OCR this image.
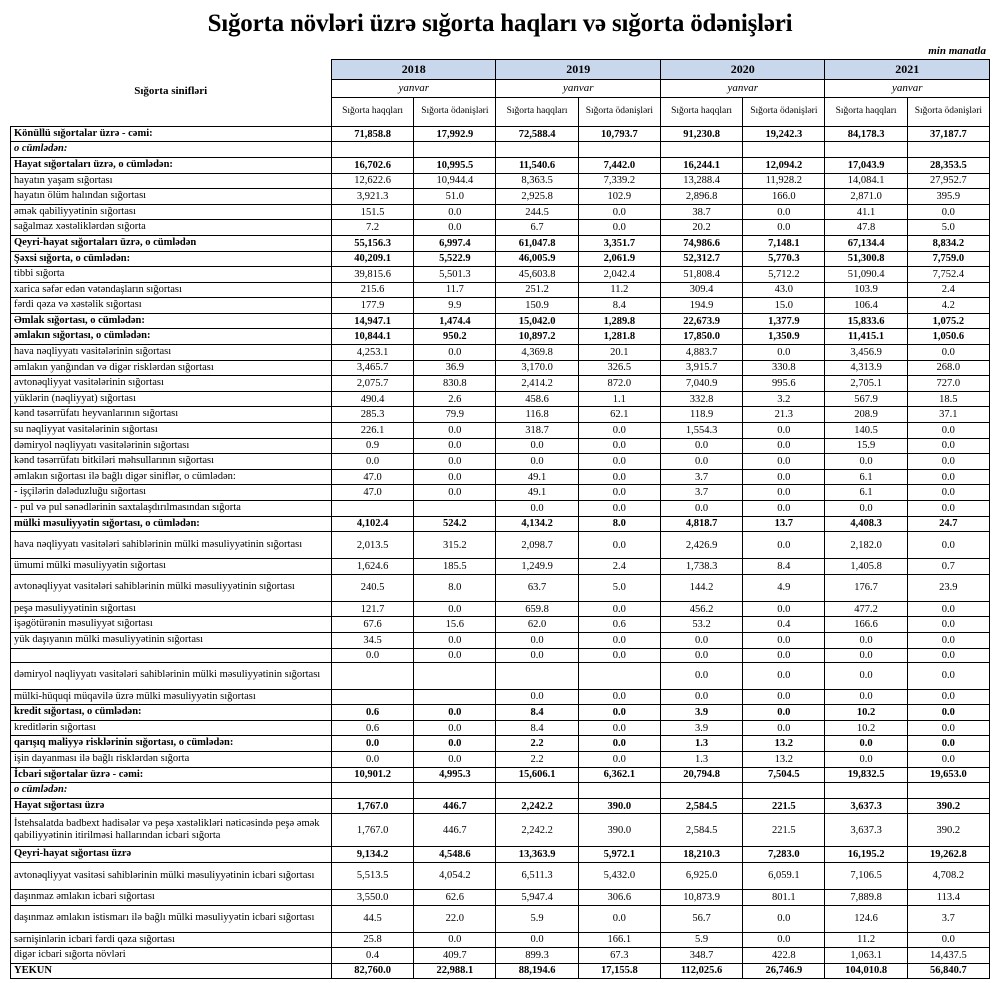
Sığorta növləri üzrə sığorta haqları və sığorta ödənişləri
min manatla
Sığorta sinifləri	2018		2019		2020		2021	
	yanvar		yanvar		yanvar		yanvar	
	Sığorta haqqları	Sığorta ödənişləri	Sığorta haqqları	Sığorta ödənişləri	Sığorta haqqları	Sığorta ödənişləri	Sığorta haqqları	Sığorta ödənişləri
Könüllü sığortalar üzrə - cəmi:	71,858.8	17,992.9	72,588.4	10,793.7	91,230.8	19,242.3	84,178.3	37,187.7
o cümlədən:								
Hayat sığortaları üzrə, o cümlədən:	16,702.6	10,995.5	11,540.6	7,442.0	16,244.1	12,094.2	17,043.9	28,353.5
hayatın yaşam sığortası	12,622.6	10,944.4	8,363.5	7,339.2	13,288.4	11,928.2	14,084.1	27,952.7
hayatın ölüm halından sığortası	3,921.3	51.0	2,925.8	102.9	2,896.8	166.0	2,871.0	395.9
əmək qabiliyyətinin sığortası	151.5	0.0	244.5	0.0	38.7	0.0	41.1	0.0
sağalmaz xəstəliklərdən sığorta	7.2	0.0	6.7	0.0	20.2	0.0	47.8	5.0
Qeyri-hayat sığortaları üzrə, o cümlədən	55,156.3	6,997.4	61,047.8	3,351.7	74,986.6	7,148.1	67,134.4	8,834.2
Şəxsi sığorta, o cümlədən:	40,209.1	5,522.9	46,005.9	2,061.9	52,312.7	5,770.3	51,300.8	7,759.0
tibbi sığorta	39,815.6	5,501.3	45,603.8	2,042.4	51,808.4	5,712.2	51,090.4	7,752.4
xarica səfər edən vətəndaşların sığortası	215.6	11.7	251.2	11.2	309.4	43.0	103.9	2.4
fərdi qəza və xəstəlik sığortası	177.9	9.9	150.9	8.4	194.9	15.0	106.4	4.2
Əmlak sığortası, o cümlədən:	14,947.1	1,474.4	15,042.0	1,289.8	22,673.9	1,377.9	15,833.6	1,075.2
əmlakın sığortası, o cümlədən:	10,844.1	950.2	10,897.2	1,281.8	17,850.0	1,350.9	11,415.1	1,050.6
hava nəqliyyatı vasitələrinin sığortası	4,253.1	0.0	4,369.8	20.1	4,883.7	0.0	3,456.9	0.0
əmlakın yanğından və digər risklərdən sığortası	3,465.7	36.9	3,170.0	326.5	3,915.7	330.8	4,313.9	268.0
avtonəqliyyat vasitələrinin sığortası	2,075.7	830.8	2,414.2	872.0	7,040.9	995.6	2,705.1	727.0
yüklərin (nəqliyyat) sığortası	490.4	2.6	458.6	1.1	332.8	3.2	567.9	18.5
kənd təsərrüfatı heyvanlarının sığortası	285.3	79.9	116.8	62.1	118.9	21.3	208.9	37.1
su nəqliyyat vasitələrinin sığortası	226.1	0.0	318.7	0.0	1,554.3	0.0	140.5	0.0
dəmiryol nəqliyyatı vasitələrinin sığortası	0.9	0.0	0.0	0.0	0.0	0.0	15.9	0.0
kənd təsərrüfatı bitkiləri məhsullarının sığortası	0.0	0.0	0.0	0.0	0.0	0.0	0.0	0.0
əmlakın sığortası ilə bağlı digər siniflər, o cümlədən:	47.0	0.0	49.1	0.0	3.7	0.0	6.1	0.0
- işçilərin dələduzluğu sığortası	47.0	0.0	49.1	0.0	3.7	0.0	6.1	0.0
- pul və pul sənədlərinin saxtalaşdırılmasından sığorta			0.0	0.0	0.0	0.0	0.0	0.0
mülki məsuliyyətin sığortası, o cümlədən:	4,102.4	524.2	4,134.2	8.0	4,818.7	13.7	4,408.3	24.7
hava nəqliyyatı vasitələri sahiblərinin mülki məsuliyyətinin sığortası	2,013.5	315.2	2,098.7	0.0	2,426.9	0.0	2,182.0	0.0
ümumi mülki məsuliyyətin sığortası	1,624.6	185.5	1,249.9	2.4	1,738.3	8.4	1,405.8	0.7
avtonəqliyyat vasitələri sahiblərinin mülki məsuliyyətinin sığortası	240.5	8.0	63.7	5.0	144.2	4.9	176.7	23.9
peşə məsuliyyətinin sığortası	121.7	0.0	659.8	0.0	456.2	0.0	477.2	0.0
işəgötürənin məsuliyyət sığortası	67.6	15.6	62.0	0.6	53.2	0.4	166.6	0.0
yük daşıyanın mülki məsuliyyətinin sığortası	34.5	0.0	0.0	0.0	0.0	0.0	0.0	0.0
	0.0	0.0	0.0	0.0	0.0	0.0	0.0	0.0
dəmiryol nəqliyyatı vasitələri sahiblərinin mülki məsuliyyətinin sığortası					0.0	0.0	0.0	0.0
mülki-hüquqi müqavilə üzrə mülki məsuliyyətin sığortası			0.0	0.0	0.0	0.0	0.0	0.0
kredit sığortası, o cümlədən:	0.6	0.0	8.4	0.0	3.9	0.0	10.2	0.0
kreditlərin sığortası	0.6	0.0	8.4	0.0	3.9	0.0	10.2	0.0
qarışıq maliyyə risklərinin sığortası, o cümlədən:	0.0	0.0	2.2	0.0	1.3	13.2	0.0	0.0
işin dayanması ilə bağlı risklərdən sığorta	0.0	0.0	2.2	0.0	1.3	13.2	0.0	0.0
İcbari sığortalar üzrə - cəmi:	10,901.2	4,995.3	15,606.1	6,362.1	20,794.8	7,504.5	19,832.5	19,653.0
o cümlədən:								
Hayat sığortası üzrə	1,767.0	446.7	2,242.2	390.0	2,584.5	221.5	3,637.3	390.2
İstehsalatda badbext hadisələr və peşə xəstəlikləri nəticəsində peşə əmək qabiliyyətinin itirilməsi hallarından icbari sığorta	1,767.0	446.7	2,242.2	390.0	2,584.5	221.5	3,637.3	390.2
Qeyri-hayat sığortası üzrə	9,134.2	4,548.6	13,363.9	5,972.1	18,210.3	7,283.0	16,195.2	19,262.8
avtonəqliyyat vasitəsi sahiblərinin mülki məsuliyyətinin icbari sığortası	5,513.5	4,054.2	6,511.3	5,432.0	6,925.0	6,059.1	7,106.5	4,708.2
daşınmaz əmlakın icbari sığortası	3,550.0	62.6	5,947.4	306.6	10,873.9	801.1	7,889.8	113.4
daşınmaz əmlakın istismarı ilə bağlı mülki məsuliyyətin icbari sığortası	44.5	22.0	5.9	0.0	56.7	0.0	124.6	3.7
sərnişinlərin icbari fərdi qəza sığortası	25.8	0.0	0.0	166.1	5.9	0.0	11.2	0.0
digər icbari sığorta növləri	0.4	409.7	899.3	67.3	348.7	422.8	1,063.1	14,437.5
YEKUN	82,760.0	22,988.1	88,194.6	17,155.8	112,025.6	26,746.9	104,010.8	56,840.7
